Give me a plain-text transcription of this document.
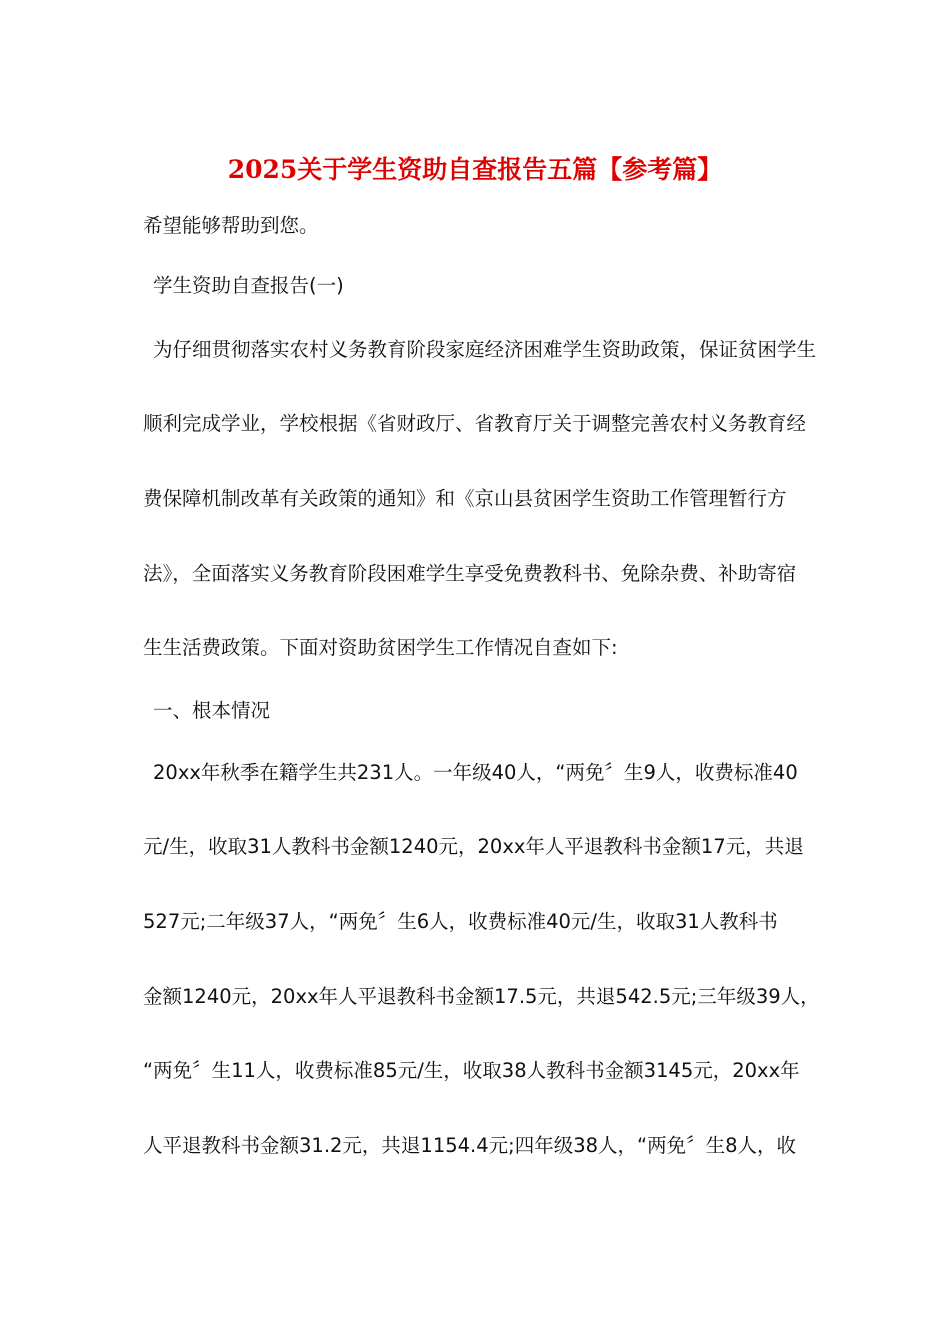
2025关于学生资助自查报告五篇【参考篇】
希望能够帮助到您。
学生资助自查报告(一)
为仔细贯彻落实农村义务教育阶段家庭经济困难学生资助政策，保证贫困学生
顺利完成学业，学校根据《省财政厅、省教育厅关于调整完善农村义务教育经
费保障机制改革有关政策的通知》和《京山县贫困学生资助工作管理暂行方
法》，全面落实义务教育阶段困难学生享受免费教科书、免除杂费、补助寄宿
生生活费政策。下面对资助贫困学生工作情况自查如下:
一、根本情况
20xx年秋季在籍学生共231人。一年级40人，“两免〞生9人，收费标准40
元/生，收取31人教科书金额1240元，20xx年人平退教科书金额17元，共退
527元;二年级37人，“两免〞生6人，收费标准40元/生，收取31人教科书
金额1240元，20xx年人平退教科书金额17.5元，共退542.5元;三年级39人，
“两免〞生11人，收费标准85元/生，收取38人教科书金额3145元，20xx年
人平退教科书金额31.2元，共退1154.4元;四年级38人，“两免〞生8人，收
